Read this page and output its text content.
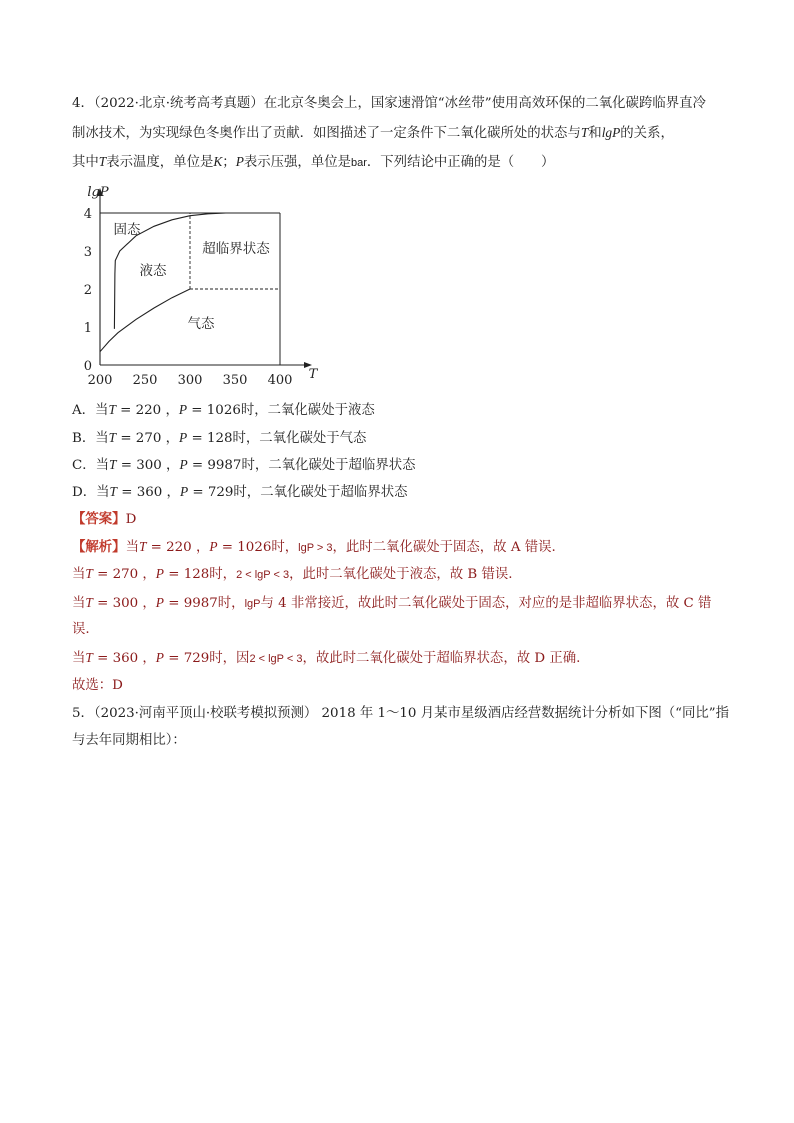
4．（2022·北京·统考高考真题）在北京冬奥会上，国家速滑馆“冰丝带”使用高效环保的二氧化碳跨临界直冷
制冰技术，为实现绿色冬奥作出了贡献．如图描述了一定条件下二氧化碳所处的状态与T和lgP的关系，
其中T表示温度，单位是K；P表示压强，单位是bar．下列结论中正确的是（　　）
200 250 300 350 400
0
1
2
3
4
lgP
T
固态
液态
超临界状态
气态
A．当T = 220 ，P = 1026时，二氧化碳处于液态
B．当T = 270 ，P = 128时，二氧化碳处于气态
C．当T = 300 ，P = 9987时，二氧化碳处于超临界状态
D．当T = 360 ，P = 729时，二氧化碳处于超临界状态
【答案】D
【解析】当T = 220 ，P = 1026时，lgP > 3，此时二氧化碳处于固态，故 A 错误.
当T = 270 ，P = 128时，2 < lgP < 3，此时二氧化碳处于液态，故 B 错误.
当T = 300 ，P = 9987时，lgP与 4 非常接近，故此时二氧化碳处于固态，对应的是非超临界状态，故 C 错
误.
当T = 360 ，P = 729时，因2 < lgP < 3，故此时二氧化碳处于超临界状态，故 D 正确.
故选：D
5．（2023·河南平顶山·校联考模拟预测） 2018 年 1～10 月某市星级酒店经营数据统计分析如下图（“同比”指
与去年同期相比）：
